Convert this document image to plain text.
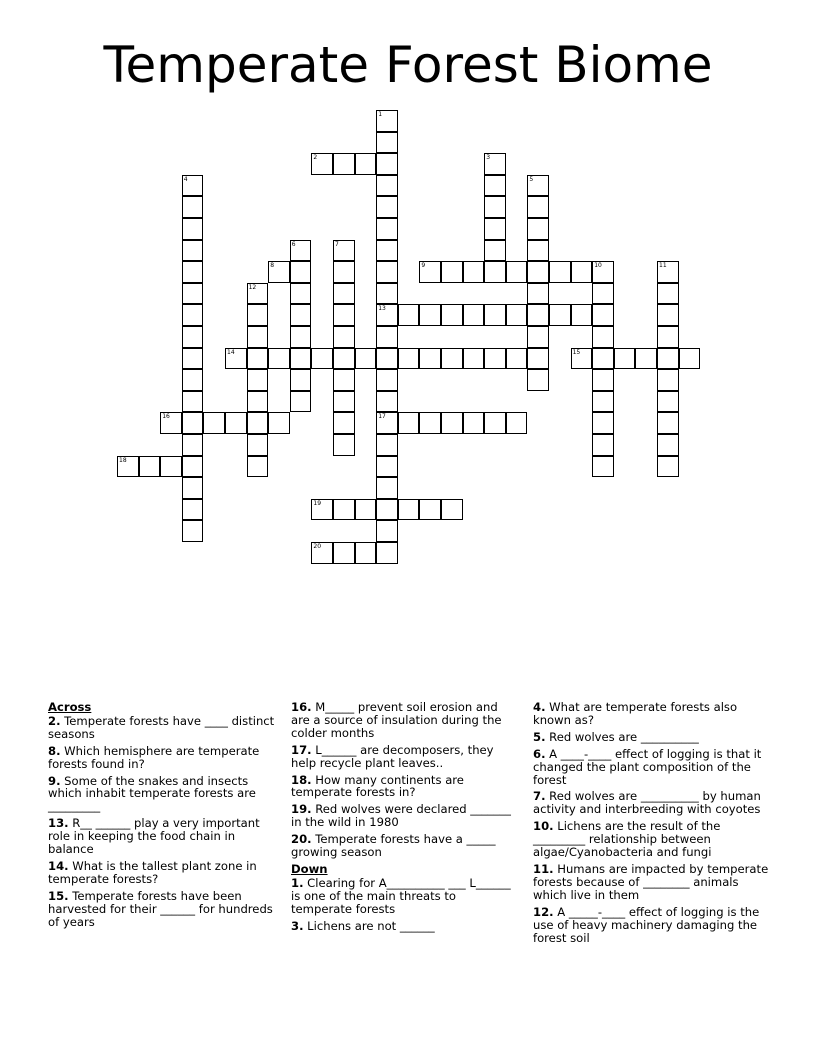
Temperate Forest Biome
1
13
17
2	3
4	5
6	7
8	9	10	11
12
14	15
16
18
19
20
Across
2. Temperate forests have ____ distinct seasons
8. Which hemisphere are temperate forests found in?
9. Some of the snakes and insects which inhabit temperate forests are _________
13. R__ ______ play a very important role in keeping the food chain in balance
14. What is the tallest plant zone in temperate forests?
15. Temperate forests have been harvested for their ______ for hundreds of years
16. M_____ prevent soil erosion and are a source of insulation during the colder months
17. L______ are decomposers, they help recycle plant leaves..
18. How many continents are temperate forests in?
19. Red wolves were declared _______ in the wild in 1980
20. Temperate forests have a _____ growing season
Down
1. Clearing for A__________ ___ L______ is one of the main threats to temperate forests
3. Lichens are not ______
4. What are temperate forests also known as?
5. Red wolves are __________
6. A ____-____ effect of logging is that it changed the plant composition of the forest
7. Red wolves are __________ by human activity and interbreeding with coyotes
10. Lichens are the result of the _________ relationship between algae/Cyanobacteria and fungi
11. Humans are impacted by temperate forests because of ________ animals which live in them
12. A _____-____ effect of logging is the use of heavy machinery damaging the forest soil
